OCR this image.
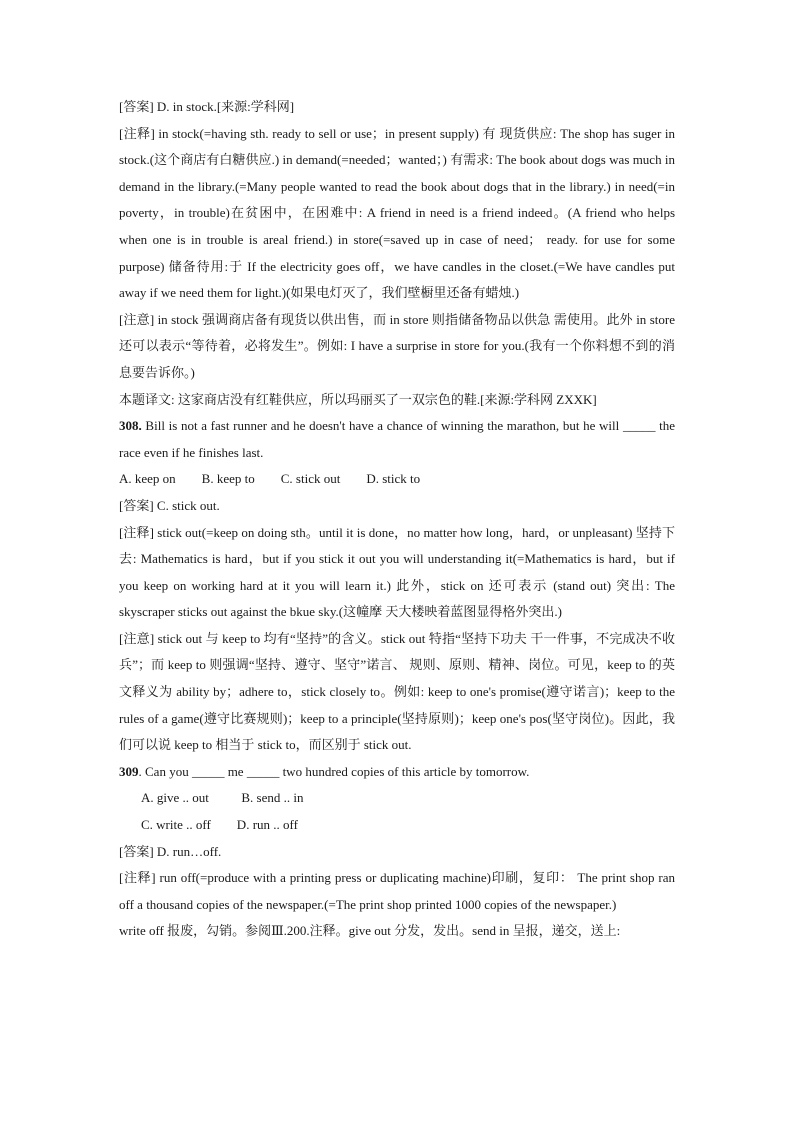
[答案] D. in stock.[来源:学科网]

[注释] in stock(=having sth. ready to sell or use；in present supply) 有 现货供应: The shop has suger in stock.(这个商店有白糖供应.) in demand(=needed；wanted；) 有需求: The book about dogs was much in demand in the library.(=Many people wanted to read the book about dogs that in the library.) in need(=in poverty，in trouble)在贫困中，在困难中: A friend in need is a friend indeed。(A friend who helps when one is in trouble is areal friend.) in store(=saved up in case of need； ready. for use for some purpose) 储备待用:于 If the electricity goes off，we have candles in the closet.(=We have candles put away if we need them for light.)(如果电灯灭了，我们壁橱里还备有蜡烛.)

[注意] in stock 强调商店备有现货以供出售，而 in store 则指储备物品以供急 需使用。此外 in store 还可以表示“等待着，必将发生”。例如: I have a surprise in store for you.(我有一个你料想不到的消息要告诉你。)

本题译文: 这家商店没有红鞋供应，所以玛丽买了一双宗色的鞋.[来源:学科网 ZXXK]

308. Bill is not a fast runner and he doesn't have a chance of winning the marathon, but he will _____ the race even if he finishes last.

A. keep on        B. keep to        C. stick out        D. stick to

[答案] C. stick out.

[注释] stick out(=keep on doing sth。until it is done，no matter how long，hard，or unpleasant) 坚持下去: Mathematics is hard，but if you stick it out you will understanding it(=Mathematics is hard，but if you keep on working hard at it you will learn it.) 此外，stick on 还可表示 (stand out) 突出: The skyscraper sticks out against the bkue sky.(这幢摩 天大楼映着蓝图显得格外突出.)

[注意] stick out 与 keep to 均有“坚持”的含义。stick out 特指“坚持下功夫 干一件事，不完成决不收兵”；而 keep to 则强调“坚持、遵守、坚守”诺言、 规则、原则、精神、岗位。可见，keep to 的英文释义为 ability by；adhere to，stick closely to。例如: keep to one's promise(遵守诺言)；keep to the rules of a game(遵守比赛规则)；keep to a principle(坚持原则)；keep one's pos(坚守岗位)。因此，我们可以说 keep to 相当于 stick to，而区别于 stick out.

309. Can you _____ me _____ two hundred copies of this article by tomorrow.

A. give .. out          B. send .. in

C. write .. off        D. run .. off

[答案] D. run…off.

[注释] run off(=produce with a printing press or duplicating machine)印刷，复印： The print shop ran off a thousand copies of the newspaper.(=The print shop printed 1000 copies of the newspaper.)

write off 报废，勾销。参阅Ⅲ.200.注释。give out 分发，发出。send in 呈报，递交，送上:
